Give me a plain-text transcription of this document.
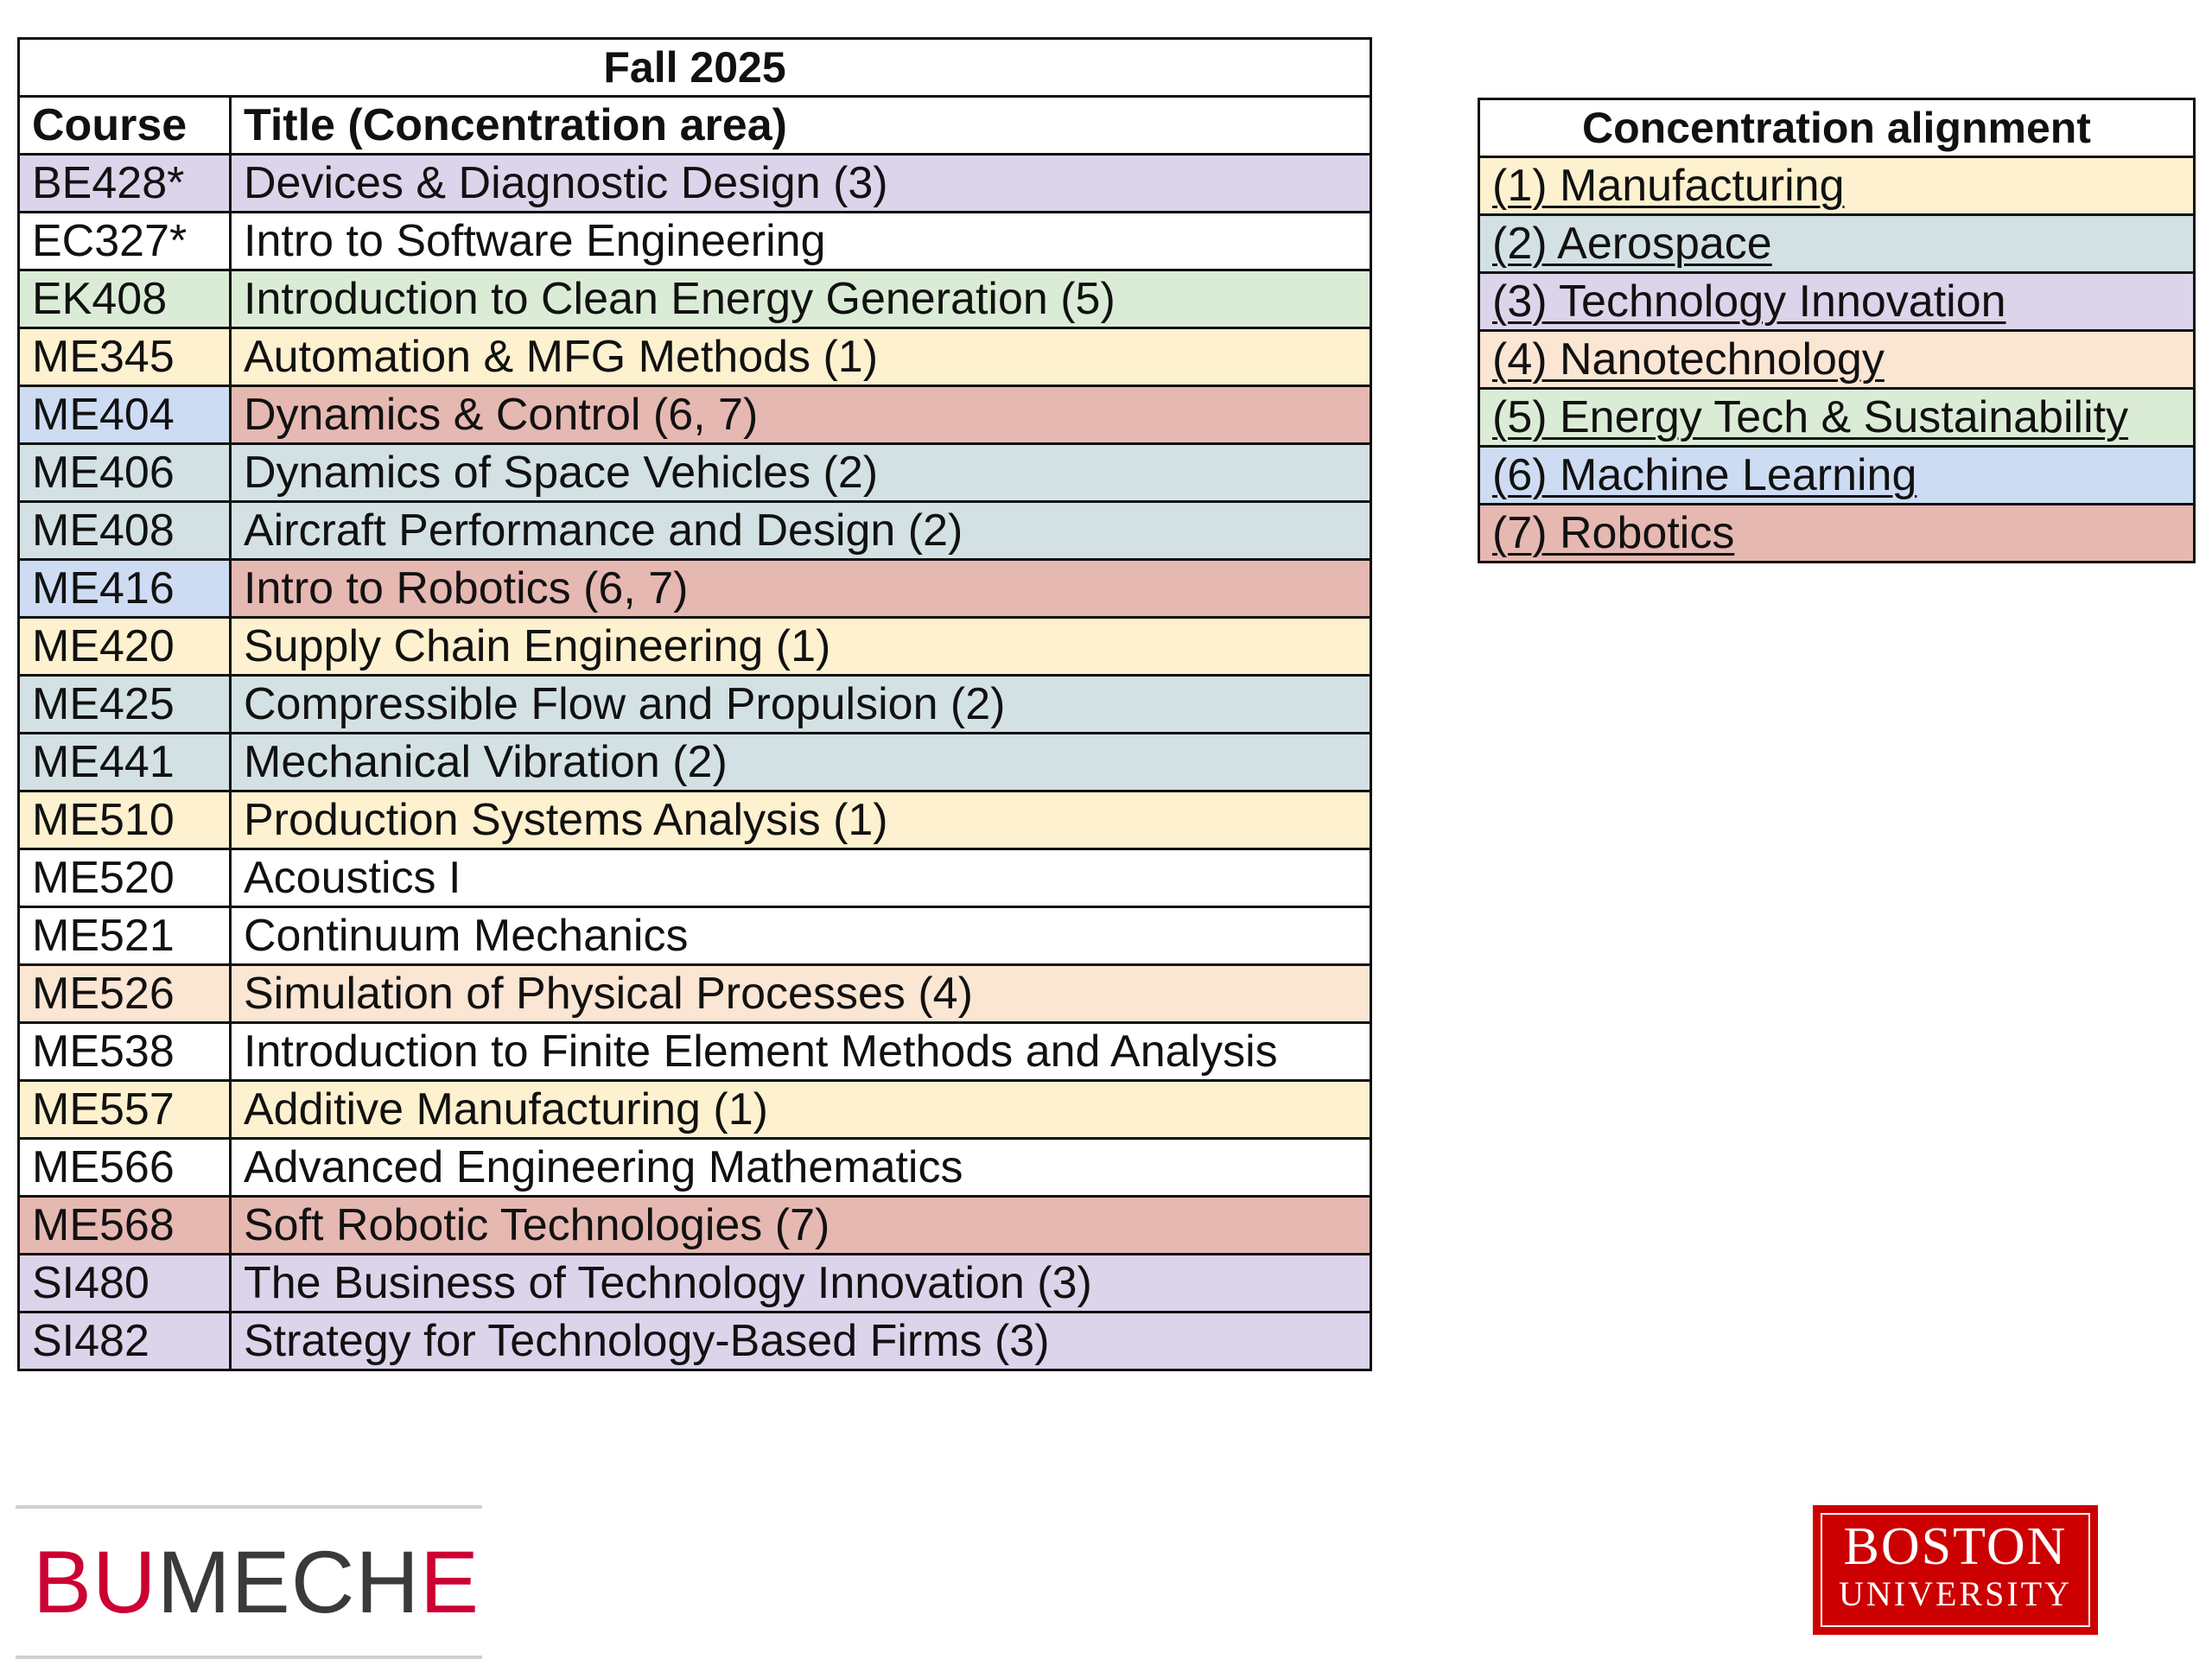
Fall 2025	
Course	Title (Concentration area)
BE428*	Devices & Diagnostic Design (3)
EC327*	Intro to Software Engineering
EK408	Introduction to Clean Energy Generation (5)
ME345	Automation & MFG Methods (1)
ME404	Dynamics & Control (6, 7)
ME406	Dynamics of Space Vehicles (2)
ME408	Aircraft Performance and Design (2)
ME416	Intro to Robotics (6, 7)
ME420	Supply Chain Engineering (1)
ME425	Compressible Flow and Propulsion (2)
ME441	Mechanical Vibration (2)
ME510	Production Systems Analysis (1)
ME520	Acoustics I
ME521	Continuum Mechanics
ME526	Simulation of Physical Processes (4)
ME538	Introduction to Finite Element Methods and Analysis
ME557	Additive Manufacturing (1)
ME566	Advanced Engineering Mathematics
ME568	Soft Robotic Technologies (7)
SI480	The Business of Technology Innovation (3)
SI482	Strategy for Technology-Based Firms (3)
Concentration alignment
(1) Manufacturing
(2) Aerospace
(3) Technology Innovation
(4) Nanotechnology
(5) Energy Tech & Sustainability
(6) Machine Learning
(7) Robotics
BUMECHE	BOSTON
UNIVERSITY
